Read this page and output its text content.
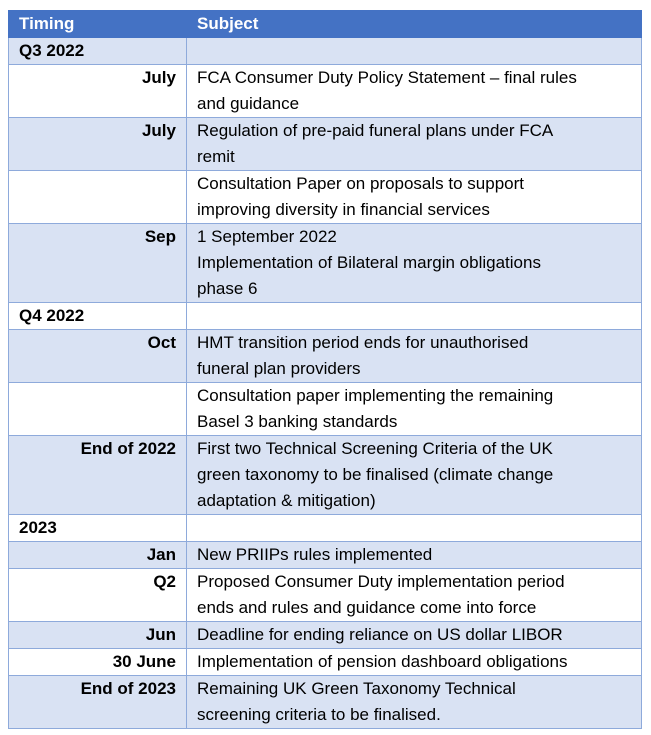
Timing	Subject
Q3 2022	
July	FCA Consumer Duty Policy Statement – final rules
and guidance

July	Regulation of pre-paid funeral plans under FCA
remit

	Consultation Paper on proposals to support
improving diversity in financial services

Sep	1 September 2022
Implementation of Bilateral margin obligations
phase 6

Q4 2022	
Oct	HMT transition period ends for unauthorised
funeral plan providers

	Consultation paper implementing the remaining
Basel 3 banking standards

End of 2022	First two Technical Screening Criteria of the UK
green taxonomy to be finalised (climate change
adaptation & mitigation)

2023	
Jan	New PRIIPs rules implemented

Q2	Proposed Consumer Duty implementation period
ends and rules and guidance come into force

Jun	Deadline for ending reliance on US dollar LIBOR

30 June	Implementation of pension dashboard obligations

End of 2023	Remaining UK Green Taxonomy Technical
screening criteria to be finalised.
